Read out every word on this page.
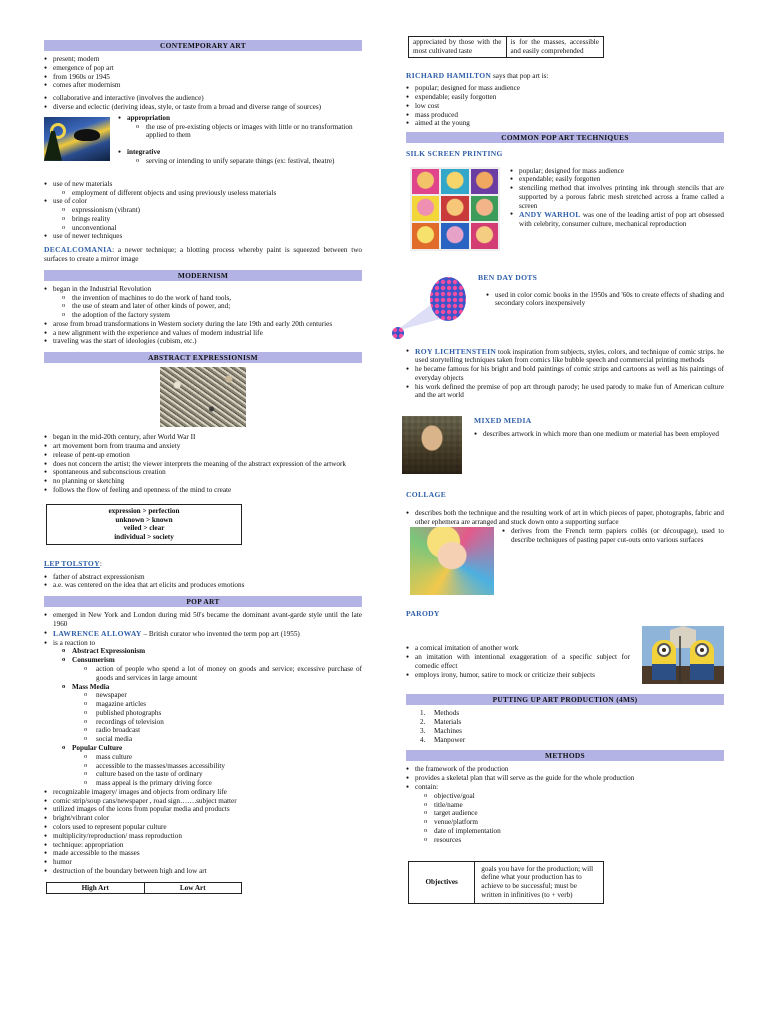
CONTEMPORARY ART
● present; modern
● emergence of pop art
● from 1960s or 1945
● comes after modernism
● collaborative and interactive (involves the audience)
● diverse and eclectic (deriving ideas, style, or taste from a broad and diverse range of sources)
● appropriation
o the use of pre-existing objects or images with little or no transformation applied to them
● integrative
o serving or intending to unify separate things (ex: festival, theatre)
● use of new materials
o employment of different objects and using previously useless materials
● use of color
o expressionism (vibrant)
o brings reality
o unconventional
● use of newer techniques

DECALCOMANIA: a newer technique; a blotting process whereby paint is squeezed between two surfaces to create a mirror image

MODERNISM
● began in the Industrial Revolution
o the invention of machines to do the work of hand tools,
o the use of steam and later of other kinds of power, and;
o the adoption of the factory system
● arose from broad transformations in Western society during the late 19th and early 20th centuries
● a new alignment with the experience and values of modern industrial life
● traveling was the start of ideologies (cubism, etc.)
ABSTRACT EXPRESSIONISM
● began in the mid-20th century, after World War II
● art movement born from trauma and anxiety
● release of pent-up emotion
● does not concern the artist; the viewer interprets the meaning of the abstract expression of the artwork
● spontaneous and subconscious creation
● no planning or sketching
● follows the flow of feeling and openness of the mind to create
expression > perfection
unknown > known
veiled > clear
individual > society

LEP TOLSTOY:

● father of abstract expressionism
● a.e. was centered on the idea that art elicits and produces emotions
POP ART
● emerged in New York and London during mid 50's became the dominant avant-garde style until the late 1960
● LAWRENCE ALLOWAY – British curator who invented the term pop art (1955)
● is a reaction to
o Abstract Expressionism
o Consumerism
o action of people who spend a lot of money on goods and service; excessive purchase of goods and services in large amount
o Mass Media
o newspaper
o magazine articles
o published photographs
o recordings of television
o radio broadcast
o social media
o Popular Culture
o mass culture
o accessible to the masses/masses accessibility
o culture based on the taste of ordinary
o mass appeal is the primary driving force
● recognizable imagery/ images and objects from ordinary life
● comic strip/soup cans/newspaper , road sign…….subject matter
● utilized images of the icons from popular media and products
● bright/vibrant color
● colors used to represent popular culture
● multiplicity/reproduction/ mass reproduction
● technique: appropriation
● made accessible to the masses
● humor
● destruction of the boundary between high and low art
High Art	Low Art
appreciated by those with the most cultivated taste	is for the masses, accessible and easily comprehended

RICHARD HAMILTON says that pop art is:

● popular; designed for mass audience
● expendable; easily forgotten
● low cost
● mass produced
● aimed at the young
COMMON POP ART TECHNIQUES

SILK SCREEN PRINTING

● popular; designed for mass audience
● expendable; easily forgotten
● stenciling method that involves printing ink through stencils that are supported by a porous fabric mesh stretched across a frame called a screen
● ANDY WARHOL was one of the leading artist of pop art obsessed with celebrity, consumer culture, mechanical reproduction

BEN DAY DOTS

● used in color comic books in the 1950s and '60s to create effects of shading and secondary colors inexpensively
● ROY LICHTENSTEIN took inspiration from subjects, styles, colors, and technique of comic strips. he used storytelling techniques taken from comics like bubble speech and commercial printing methods
● he became famous for his bright and bold paintings of comic strips and cartoons as well as his paintings of everyday objects
● his work defined the premise of pop art through parody; he used parody to make fun of American culture and the art world

MIXED MEDIA

● describes artwork in which more than one medium or material has been employed

COLLAGE

● describes both the technique and the resulting work of art in which pieces of paper, photographs, fabric and other ephemera are arranged and stuck down onto a supporting surface
● derives from the French term papiers collés (or découpage), used to describe techniques of pasting paper cut-outs onto various surfaces

PARODY

● a comical imitation of another work
● an imitation with intentional exaggeration of a specific subject for comedic effect
● employs irony, humor, satire to mock or criticize their subjects
PUTTING UP ART PRODUCTION (4MS)
1. Methods
2. Materials
3. Machines
4. Manpower
METHODS
● the framework of the production
● provides a skeletal plan that will serve as the guide for the whole production
● contain:
o objective/goal
o title/name
o target audience
o venue/platform
o date of implementation
o resources
Objectives	goals you have for the production; will define what your production has to achieve to be successful; must be written in infinitives (to + verb)
